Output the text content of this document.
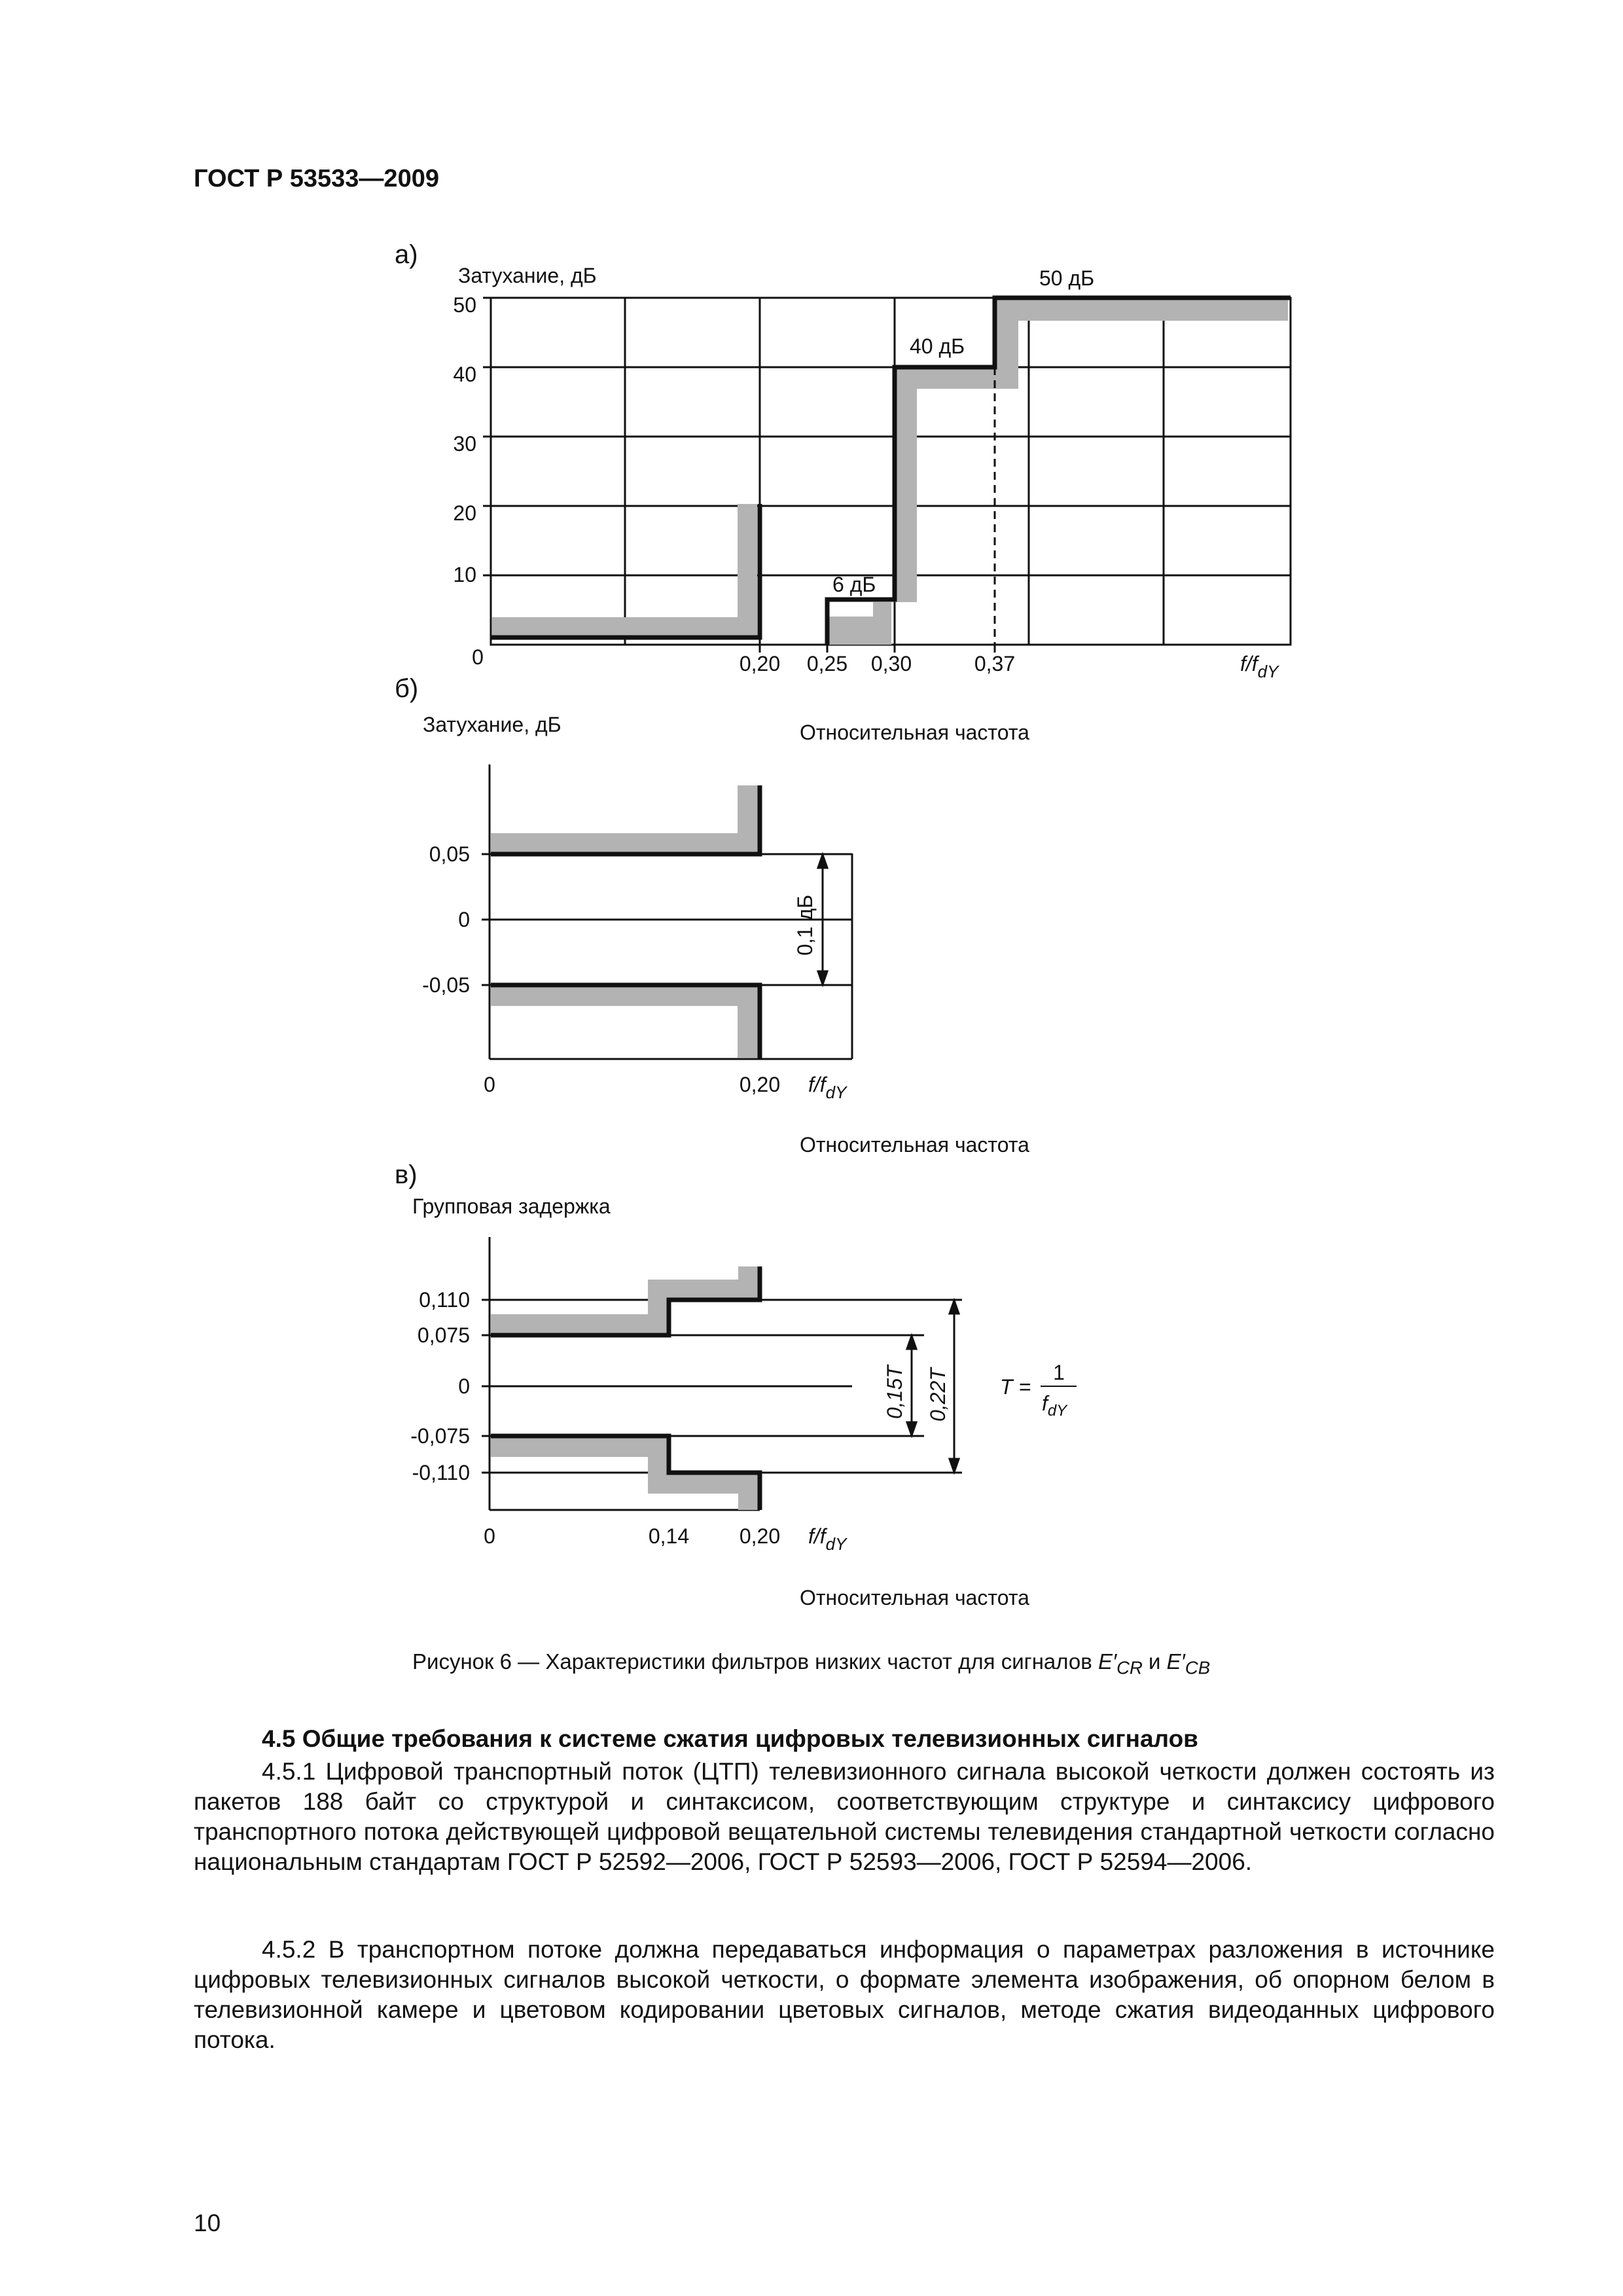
ГОСТ Р 53533—2009
а)
Затухание, дБ	50 дБ
40 дБ
6 дБ
50
40
30
20
10
0	0,20 0,25 0,30	0,37	$f/f_{dY}$
б)
Затухание, дБ	Относительная частота
0,1 дБ
0,05
0
-0,05
0	0,20 $f/f_{dY}$
Относительная частота
в)
Групповая задержка
0,15T 0,22T T =
1
$f_{dY}$
0,110
0,075
0
-0,075
-0,110
0	0,14 0,20 $f/f_{dY}$
Относительная частота
Рисунок 6 — Характеристики фильтров низких частот для сигналов $E'_{CR}$ и $E'_{CB}$
4.5 Общие требования к системе сжатия цифровых телевизионных сигналов

4.5.1 Цифровой транспортный поток (ЦТП) телевизионного сигнала высокой четкости должен состоять из пакетов 188 байт со структурой и синтаксисом, соответствующим структуре и синтаксису цифрового транспортного потока действующей цифровой вещательной системы телевидения стандартной четкости согласно национальным стандартам ГОСТ Р 52592—2006, ГОСТ Р 52593—2006, ГОСТ Р 52594—2006.

4.5.2 В транспортном потоке должна передаваться информация о параметрах разложения в источнике цифровых телевизионных сигналов высокой четкости, о формате элемента изображения, об опорном белом в телевизионной камере и цветовом кодировании цветовых сигналов, методе сжатия видеоданных цифрового потока.

10
